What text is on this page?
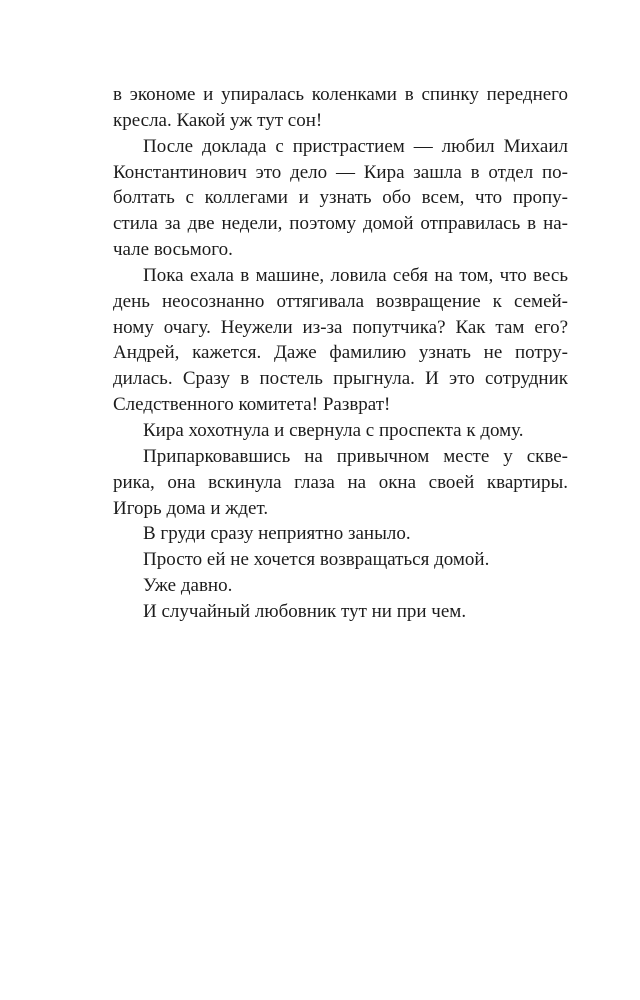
в экономе и упиралась коленками в спинку переднего
кресла. Какой уж тут сон!
После доклада с пристрастием — любил Михаил
Константинович это дело — Кира зашла в отдел по-
болтать с коллегами и узнать обо всем, что пропу-
стила за две недели, поэтому домой отправилась в на-
чале восьмого.
Пока ехала в машине, ловила себя на том, что весь
день неосознанно оттягивала возвращение к семей-
ному очагу. Неужели из-за попутчика? Как там его?
Андрей, кажется. Даже фамилию узнать не потру-
дилась. Сразу в постель прыгнула. И это сотрудник
Следственного комитета! Разврат!
Кира хохотнула и свернула с проспекта к дому.
Припарковавшись на привычном месте у скве-
рика, она вскинула глаза на окна своей квартиры.
Игорь дома и ждет.
В груди сразу неприятно заныло.
Просто ей не хочется возвращаться домой.
Уже давно.
И случайный любовник тут ни при чем.
